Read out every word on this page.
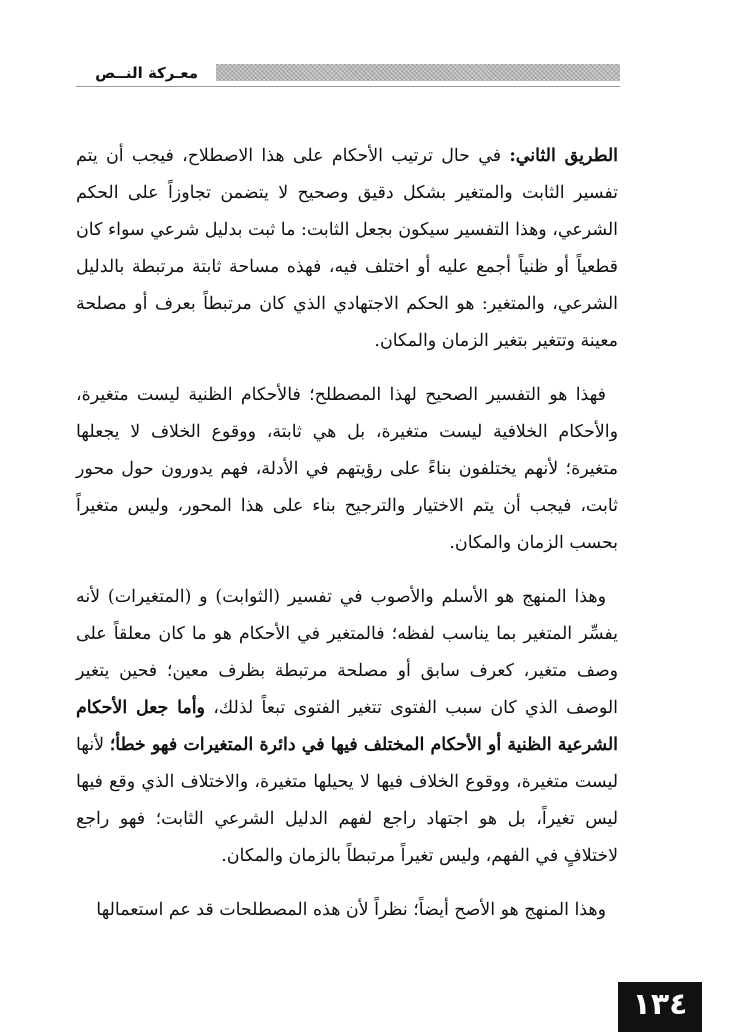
معـركة النــص

الطريق الثاني: في حال ترتيب الأحكام على هذا الاصطلاح، فيجب أن يتم تفسير الثابت والمتغير بشكل دقيق وصحيح لا يتضمن تجاوزاً على الحكم الشرعي، وهذا التفسير سيكون بجعل الثابت: ما ثبت بدليل شرعي سواء كان قطعياً أو ظنياً أجمع عليه أو اختلف فيه، فهذه مساحة ثابتة مرتبطة بالدليل الشرعي، والمتغير: هو الحكم الاجتهادي الذي كان مرتبطاً بعرف أو مصلحة معينة وتتغير بتغير الزمان والمكان.

فهذا هو التفسير الصحيح لهذا المصطلح؛ فالأحكام الظنية ليست متغيرة، والأحكام الخلافية ليست متغيرة، بل هي ثابتة، ووقوع الخلاف لا يجعلها متغيرة؛ لأنهم يختلفون بناءً على رؤيتهم في الأدلة، فهم يدورون حول محور ثابت، فيجب أن يتم الاختيار والترجيح بناء على هذا المحور، وليس متغيراً بحسب الزمان والمكان.

وهذا المنهج هو الأسلم والأصوب في تفسير (الثوابت) و (المتغيرات) لأنه يفسِّر المتغير بما يناسب لفظه؛ فالمتغير في الأحكام هو ما كان معلقاً على وصف متغير، كعرف سابق أو مصلحة مرتبطة بظرف معين؛ فحين يتغير الوصف الذي كان سبب الفتوى تتغير الفتوى تبعاً لذلك، وأما جعل الأحكام الشرعية الظنية أو الأحكام المختلف فيها في دائرة المتغيرات فهو خطأ؛ لأنها ليست متغيرة، ووقوع الخلاف فيها لا يحيلها متغيرة، والاختلاف الذي وقع فيها ليس تغيراً، بل هو اجتهاد راجع لفهم الدليل الشرعي الثابت؛ فهو راجع لاختلافٍ في الفهم، وليس تغيراً مرتبطاً بالزمان والمكان.

وهذا المنهج هو الأصح أيضاً؛ نظراً لأن هذه المصطلحات قد عم استعمالها

١٣٤
